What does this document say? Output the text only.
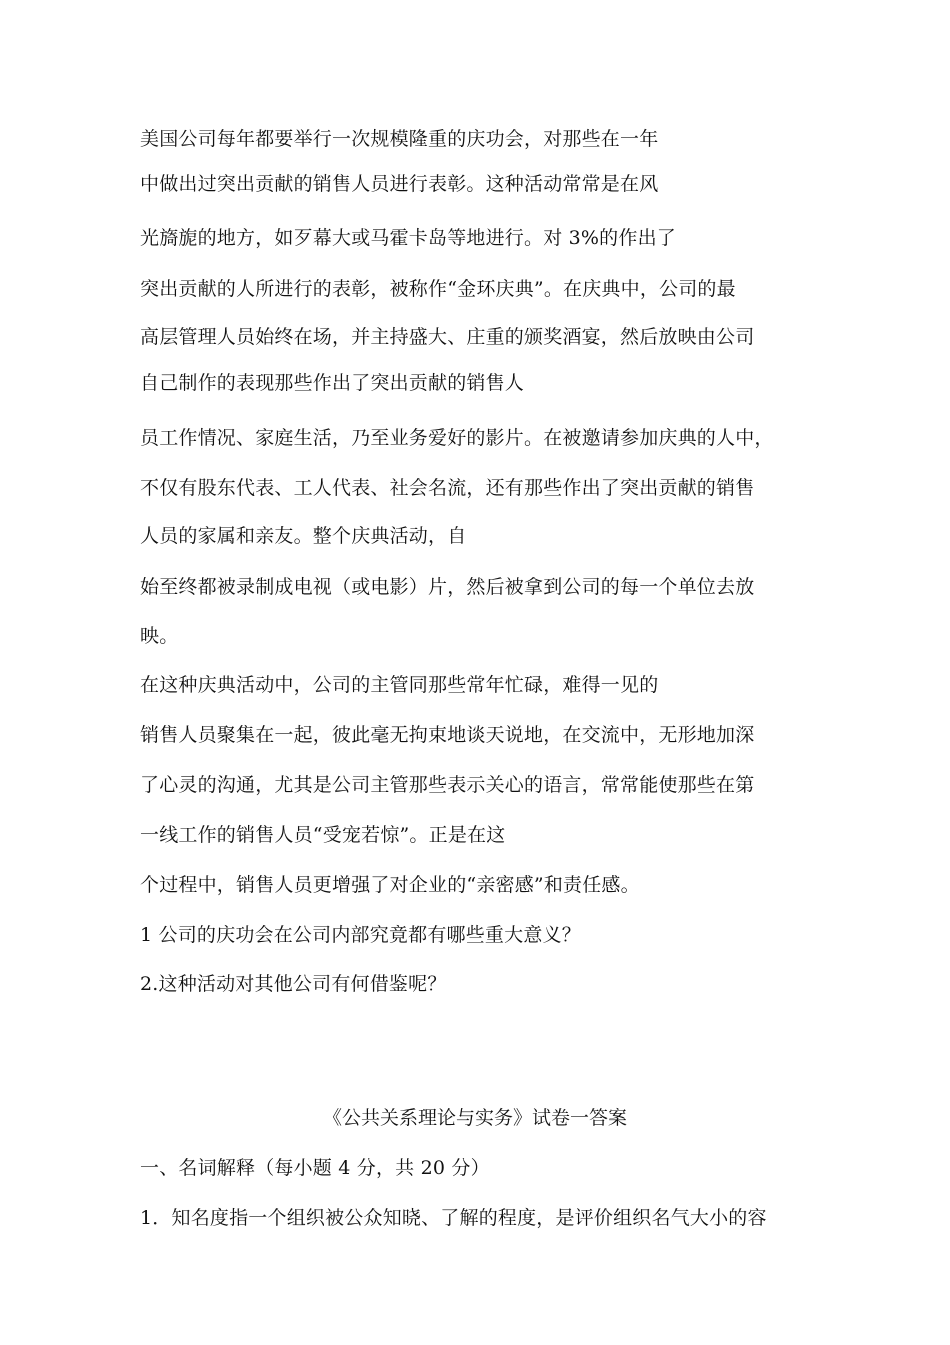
美国公司每年都要举行一次规模隆重的庆功会，对那些在一年
中做出过突出贡献的销售人员进行表彰。这种活动常常是在风
光旖旎的地方，如歹幕大或马霍卡岛等地进行。对 3%的作出了
突出贡献的人所进行的表彰，被称作“金环庆典”。在庆典中，公司的最
高层管理人员始终在场，并主持盛大、庄重的颁奖酒宴，然后放映由公司
自己制作的表现那些作出了突出贡献的销售人
员工作情况、家庭生活，乃至业务爱好的影片。在被邀请参加庆典的人中，
不仅有股东代表、工人代表、社会名流，还有那些作出了突出贡献的销售
人员的家属和亲友。整个庆典活动，自
始至终都被录制成电视（或电影）片，然后被拿到公司的每一个单位去放
映。
在这种庆典活动中，公司的主管同那些常年忙碌，难得一见的
销售人员聚集在一起，彼此毫无拘束地谈天说地，在交流中，无形地加深
了心灵的沟通，尤其是公司主管那些表示关心的语言，常常能使那些在第
一线工作的销售人员“受宠若惊”。正是在这
个过程中，销售人员更增强了对企业的“亲密感”和责任感。
1 公司的庆功会在公司内部究竟都有哪些重大意义？
2.这种活动对其他公司有何借鉴呢？
《公共关系理论与实务》试卷一答案
一、名词解释（每小题 4 分，共 20 分）
1．知名度指一个组织被公众知晓、了解的程度，是评价组织名气大小的容
